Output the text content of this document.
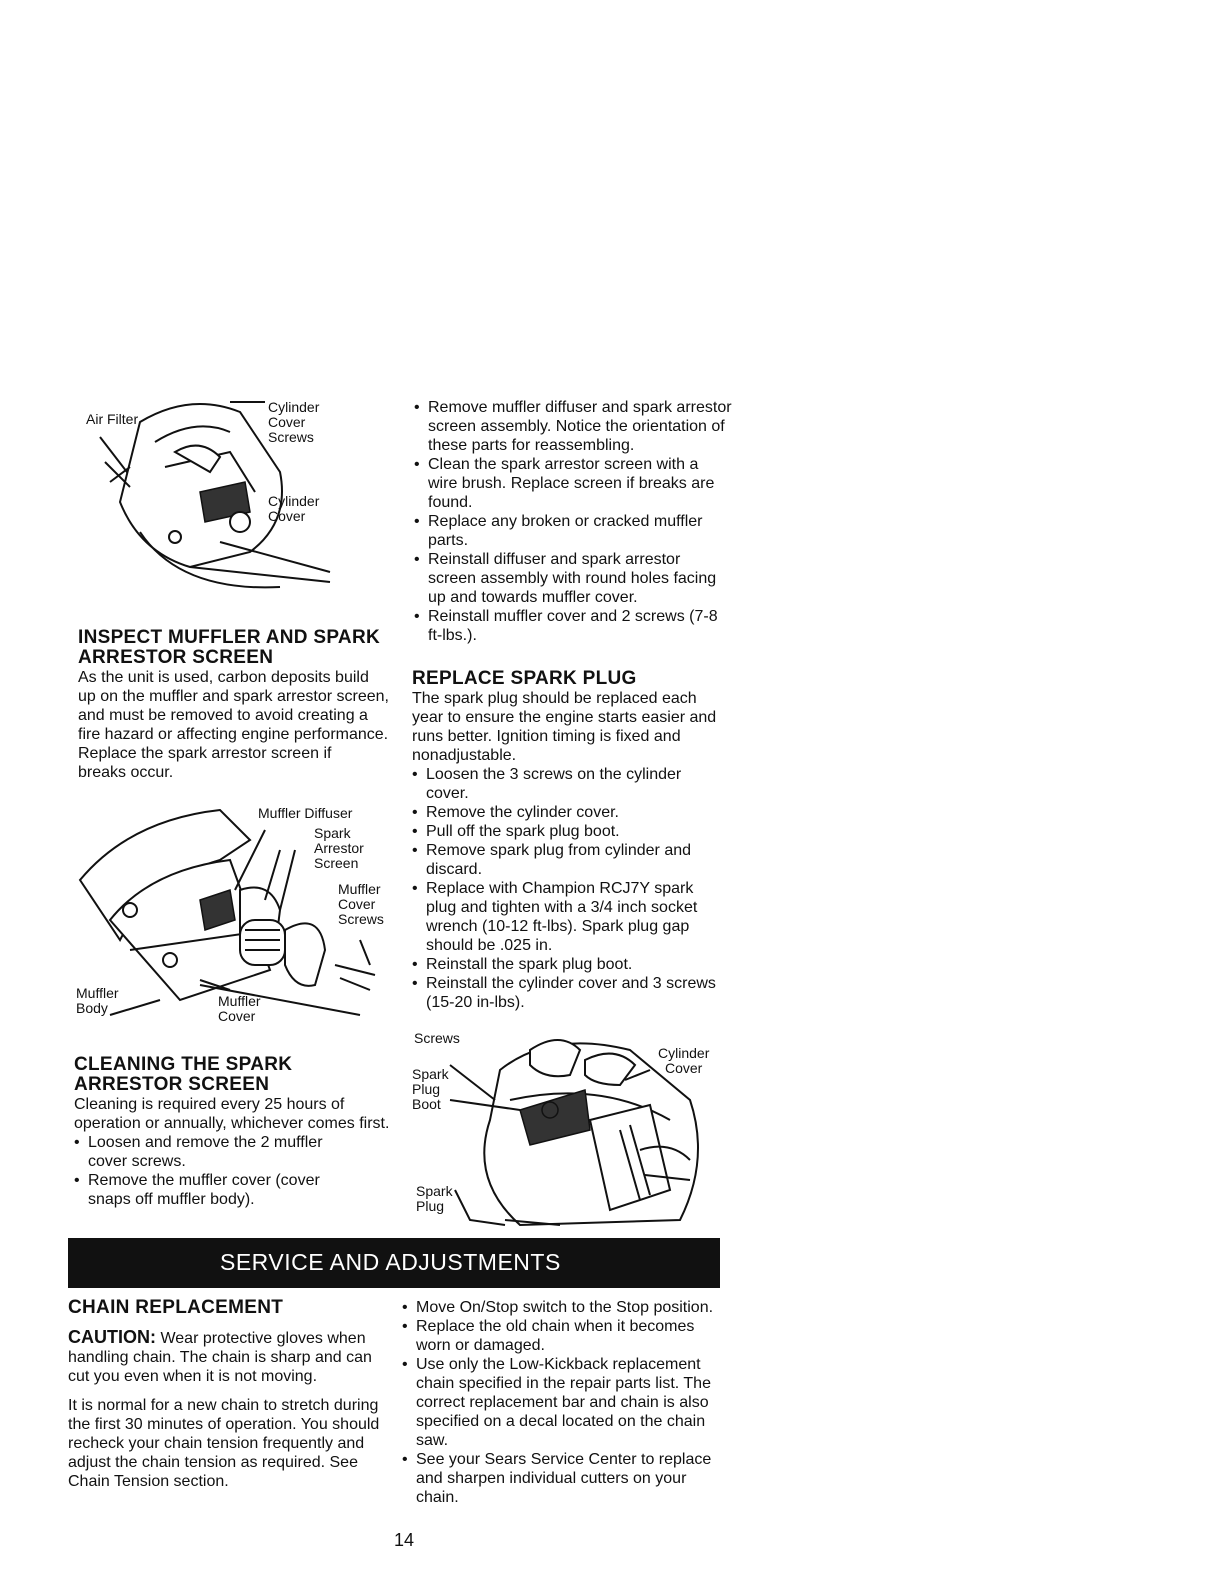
Air Filter
Cylinder
Cover
Screws
Cylinder
Cover
INSPECT MUFFLER AND SPARK
ARRESTOR SCREEN
As the unit is used, carbon deposits build up on the muffler and spark arrestor screen, and must be removed to avoid creating a fire hazard or affecting engine performance.
Replace the spark arrestor screen if breaks occur.
Muffler Diffuser
Spark
Arrestor
Screen
Muffler
Cover
Screws
Muffler
Body	Muffler
Cover
CLEANING THE SPARK
ARRESTOR SCREEN
Cleaning is required every 25 hours of operation or annually, whichever comes first.
• Loosen and remove the 2 muffler cover screws.
• Remove the muffler cover (cover snaps off muffler body).
• Remove muffler diffuser and spark arrestor screen assembly. Notice the orientation of these parts for reassembling.
• Clean the spark arrestor screen with a wire brush. Replace screen if breaks are found.
• Replace any broken or cracked muffler parts.
• Reinstall diffuser and spark arrestor screen assembly with round holes facing up and towards muffler cover.
• Reinstall muffler cover and 2 screws (7-8 ft-lbs.).
REPLACE SPARK PLUG
The spark plug should be replaced each year to ensure the engine starts easier and runs better. Ignition timing is fixed and nonadjustable.
• Loosen the 3 screws on the cylinder cover.
• Remove the cylinder cover.
• Pull off the spark plug boot.
• Remove spark plug from cylinder and discard.
• Replace with Champion RCJ7Y spark plug and tighten with a 3/4 inch socket wrench (10-12 ft-lbs). Spark plug gap should be .025 in.
• Reinstall the spark plug boot.
• Reinstall the cylinder cover and 3 screws (15-20 in-lbs).
Screws
Spark
Plug
Boot
Cylinder
Cover
Spark
Plug
SERVICE AND ADJUSTMENTS
CHAIN REPLACEMENT
CAUTION: Wear protective gloves when handling chain. The chain is sharp and can cut you even when it is not moving.
It is normal for a new chain to stretch during the first 30 minutes of operation. You should recheck your chain tension frequently and adjust the chain tension as required. See Chain Tension section.
• Move On/Stop switch to the Stop position.
• Replace the old chain when it becomes worn or damaged.
• Use only the Low-Kickback replacement chain specified in the repair parts list. The correct replacement bar and chain is also specified on a decal located on the chain saw.
• See your Sears Service Center to replace and sharpen individual cutters on your chain.
14
